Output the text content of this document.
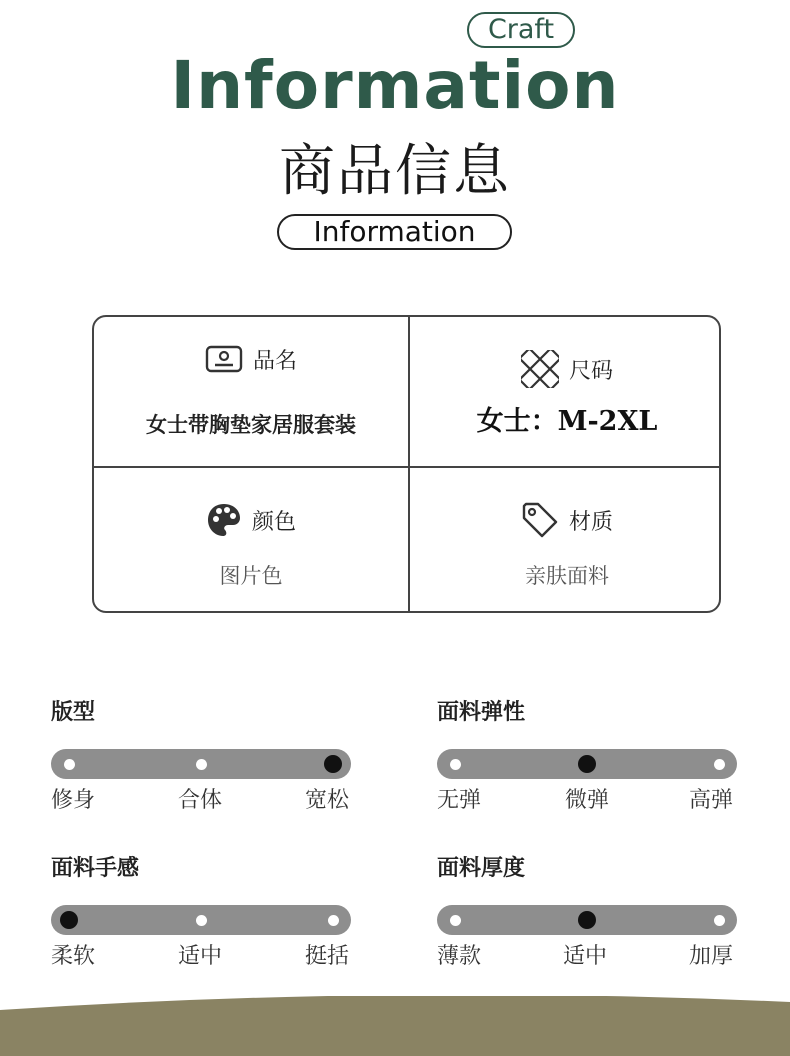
Craft
Information
商品信息
Information
品名
女士带胸垫家居服套装
尺码
女士：M-2XL
颜色
图片色
材质
亲肤面料
版型
修身	合体	宽松
面料弹性
无弹	微弹	高弹
面料手感
柔软	适中	挺括
面料厚度
薄款	适中	加厚
